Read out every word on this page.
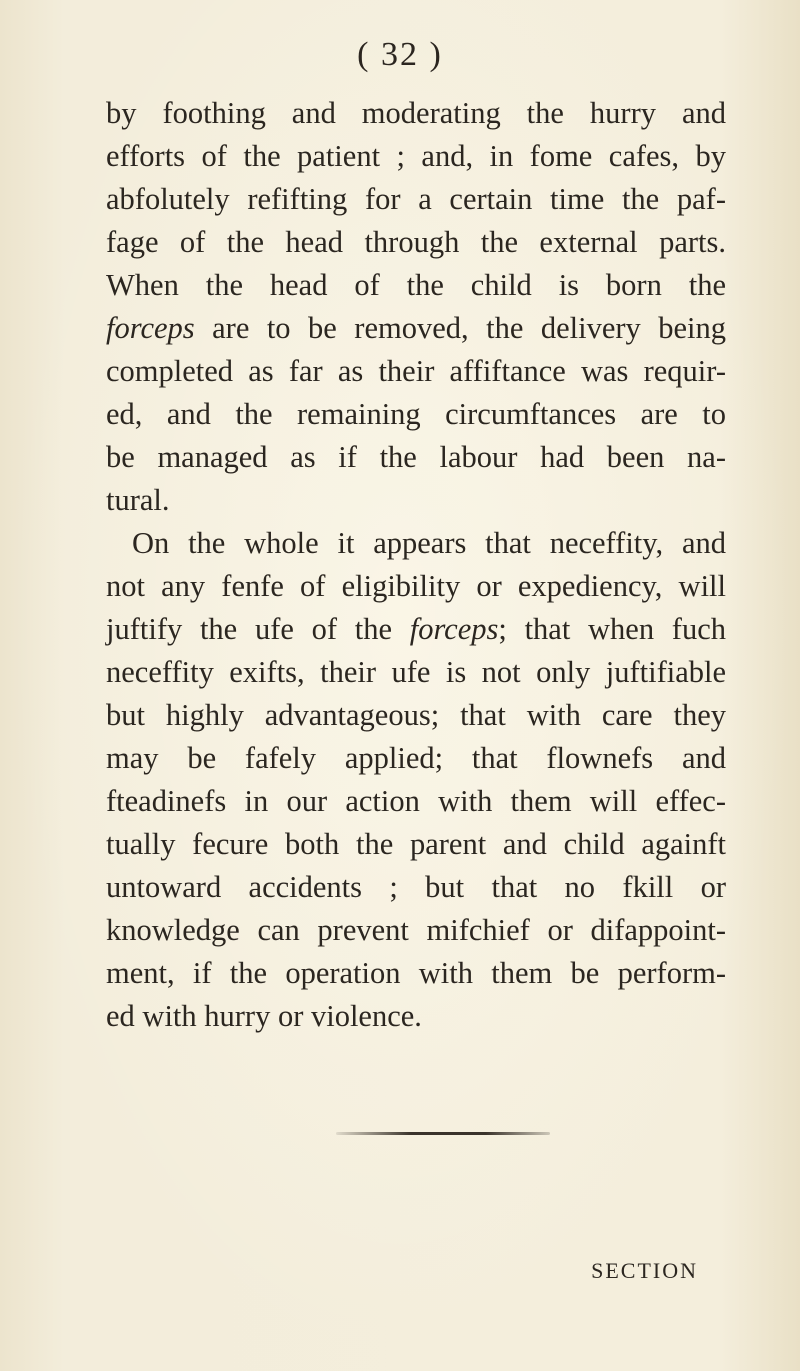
( 32 )
by foothing and moderating the hurry and
efforts of the patient ; and, in fome cafes, by
abfolutely refifting for a certain time the paf-
fage of the head through the external parts.
When the head of the child is born the
forceps are to be removed, the delivery being
completed as far as their affiftance was requir-
ed, and the remaining circumftances are to
be managed as if the labour had been na-
tural.
On the whole it appears that neceffity, and
not any fenfe of eligibility or expediency, will
juftify the ufe of the forceps; that when fuch
neceffity exifts, their ufe is not only juftifiable
but highly advantageous; that with care they
may be fafely applied; that flownefs and
fteadinefs in our action with them will effec-
tually fecure both the parent and child againft
untoward accidents ; but that no fkill or
knowledge can prevent mifchief or difappoint-
ment, if the operation with them be perform-
ed with hurry or violence.
SECTION
